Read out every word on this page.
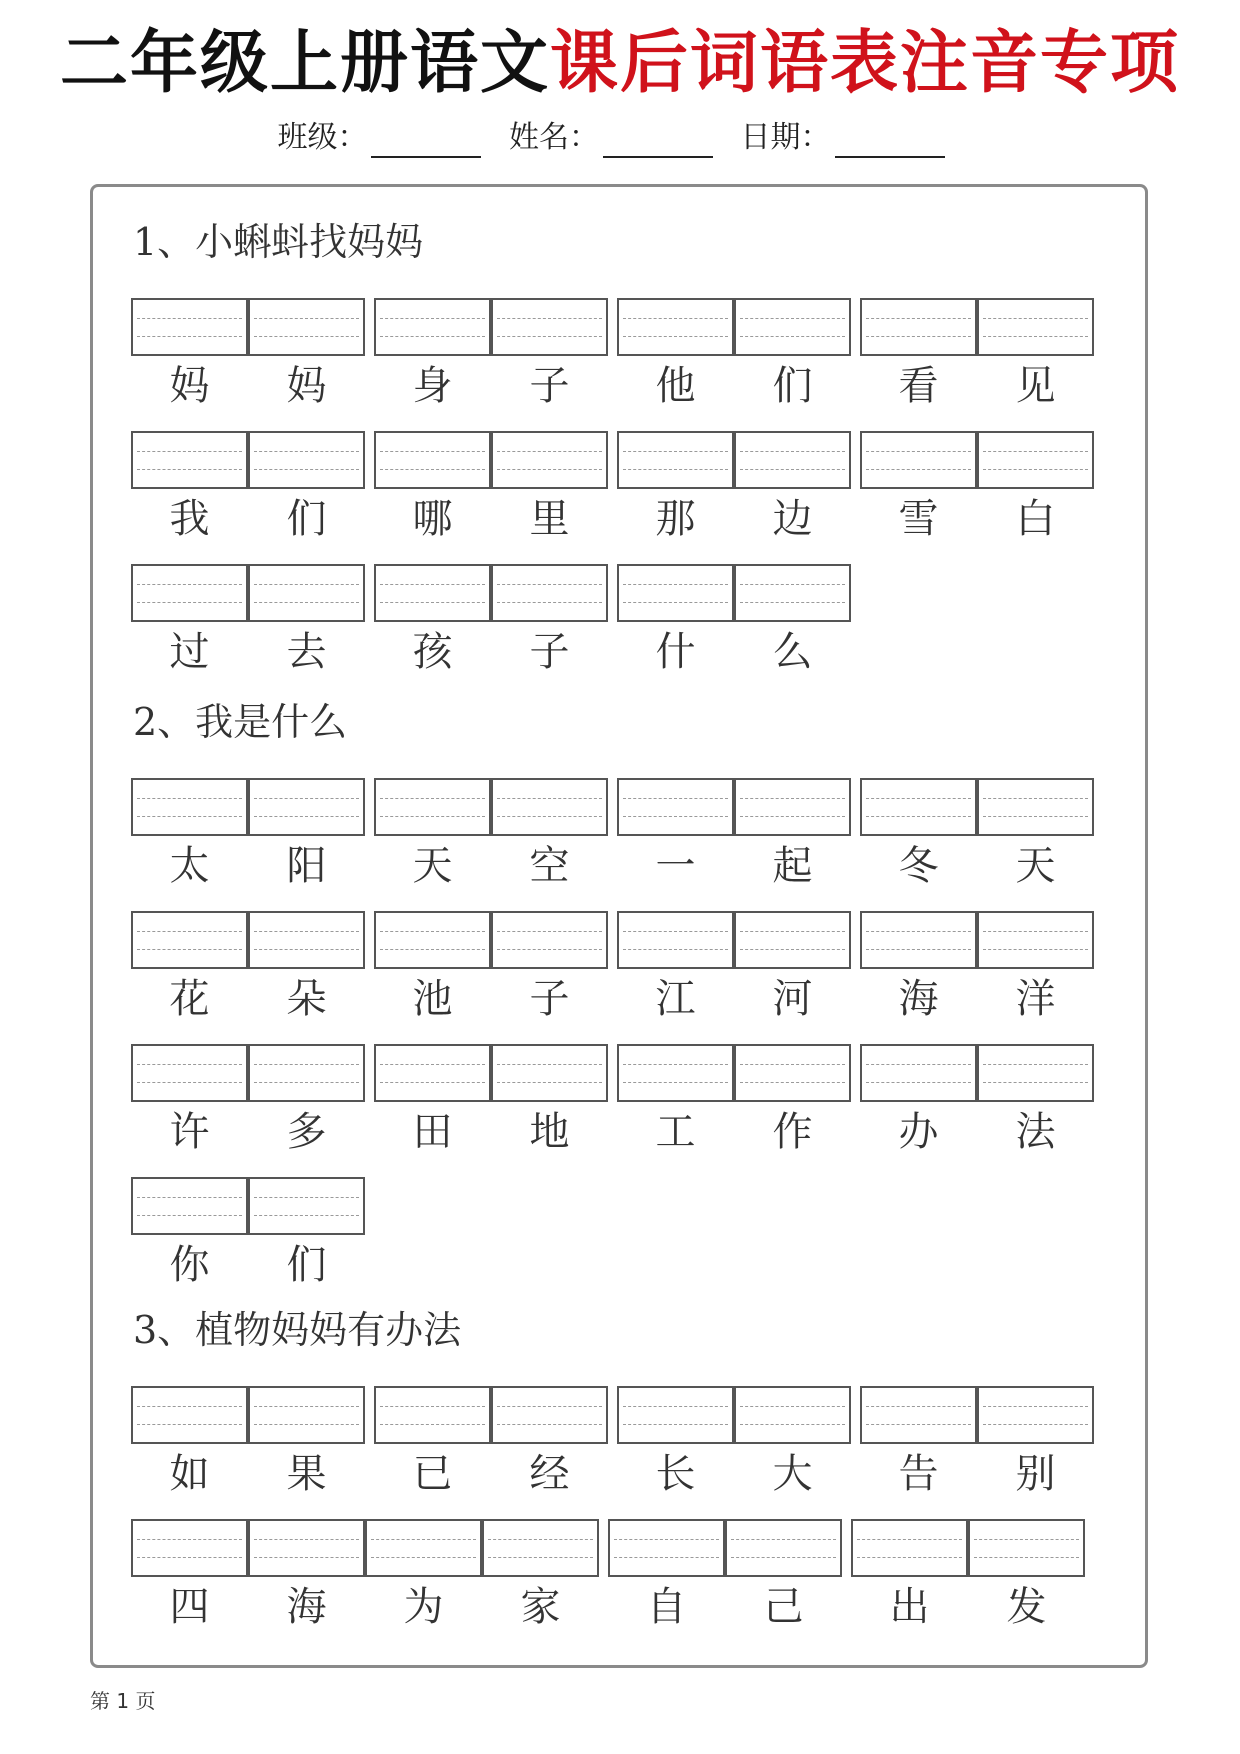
二年级上册语文课后词语表注音专项
班级：	姓名：	日期：
1、小蝌蚪找妈妈
妈	妈	身	子	他	们	看	见
我	们	哪	里	那	边	雪	白
过	去	孩	子	什	么
2、我是什么
太	阳	天	空	一	起	冬	天
花	朵	池	子	江	河	海	洋
许	多	田	地	工	作	办	法
你	们
3、植物妈妈有办法
如	果	已	经	长	大	告	别
四	海	为	家	自	己	出	发
第 1 页
